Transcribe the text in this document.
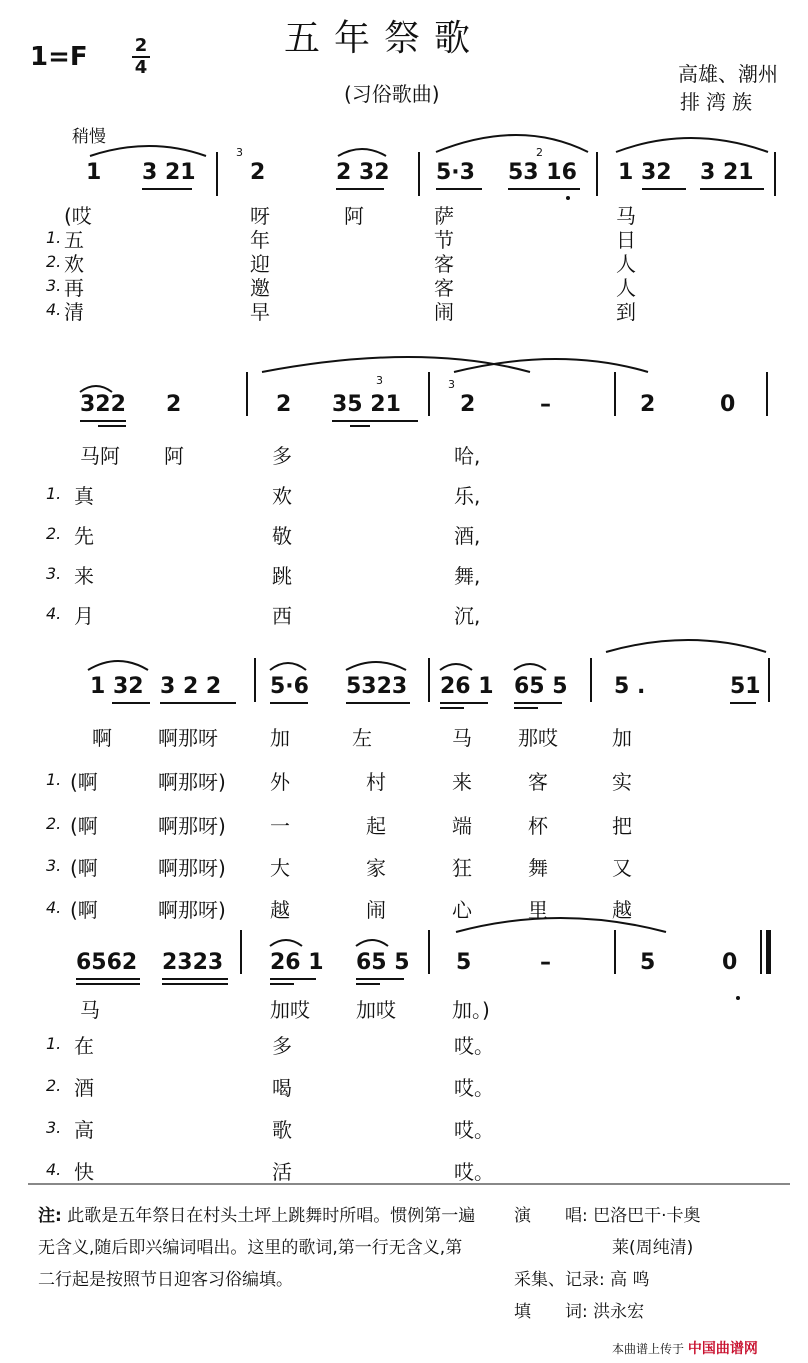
五年祭歌
(习俗歌曲)
$1=F \frac{2}{4}$	高雄、潮州
排湾族
稍慢
1 3 21
3
2	2 32 5·3
2
53 16 1 32 3 21
(哎	呀	阿	萨	马
1. 五	年	节	日
2. 欢	迎	客	人
3. 再	邀	客	人
4. 清	早	闹	到
322 2	2
3
35 21
3
2	–	2	0
马阿 阿	多	哈,
1. 真	欢	乐,
2. 先	敬	酒,
3. 来	跳	舞,
4. 月	西	沉,
1 32 3 2 2 5·6 5323 26 1 65 5 5 .	51
啊 啊那呀	加	左	马 那哎	加
1. (啊	啊那呀) 外	村	来	客	实
2. (啊	啊那呀) 一	起	端	杯	把
3. (啊	啊那呀) 大	家	狂	舞	又
4. (啊	啊那呀) 越	闹	心	里	越
6562 2323 26 1 65 5 5	–	5	0
马	加哎 加哎	加。)
1. 在	多	哎。
2. 酒	喝	哎。
3. 高	歌	哎。
4. 快	活	哎。
注: 此歌是五年祭日在村头土坪上跳舞时所唱。惯例第一遍无含义,随后即兴编词唱出。这里的歌词,第一行无含义,第二行起是按照节日迎客习俗编填。
演　　唱: 巴洛巴干·卡奥
莱(周纯清)
采集、记录: 高 鸣
填　　词: 洪永宏
本曲谱上传于 中国曲谱网
